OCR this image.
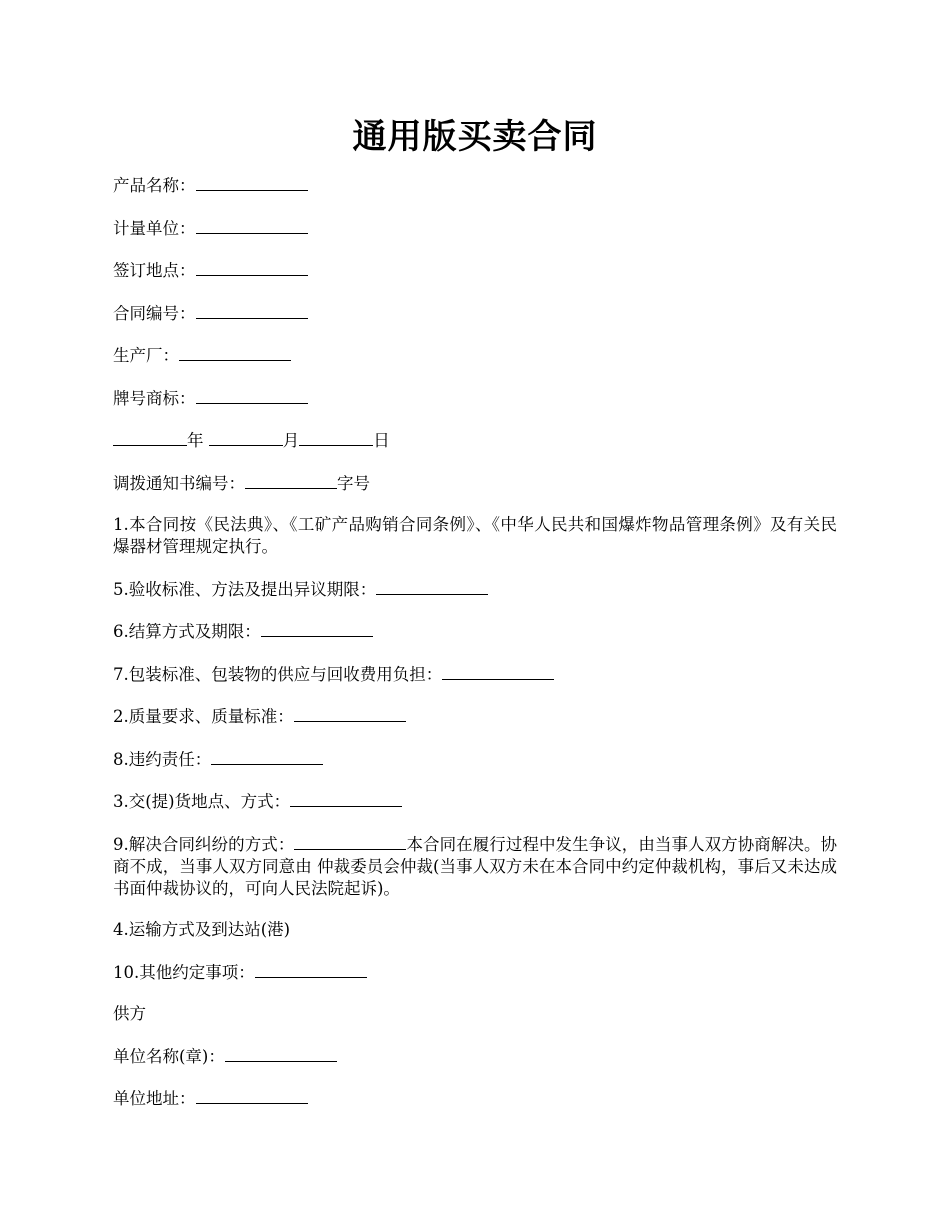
通用版买卖合同

产品名称：

计量单位：

签订地点：

合同编号：

生产厂：

牌号商标：

年	月	日

调拨通知书编号：	字号

1.本合同按《民法典》、《工矿产品购销合同条例》、《中华人民共和国爆炸物品管理条例》及有关民爆器材管理规定执行。

5.验收标准、方法及提出异议期限：

6.结算方式及期限：

7.包装标准、包装物的供应与回收费用负担：

2.质量要求、质量标准：

8.违约责任：

3.交(提)货地点、方式：

9.解决合同纠纷的方式：	本合同在履行过程中发生争议，由当事人双方协商解决。协商不成，当事人双方同意由 仲裁委员会仲裁(当事人双方未在本合同中约定仲裁机构，事后又未达成书面仲裁协议的，可向人民法院起诉)。

4.运输方式及到达站(港)

10.其他约定事项：

供方

单位名称(章)：

单位地址：
